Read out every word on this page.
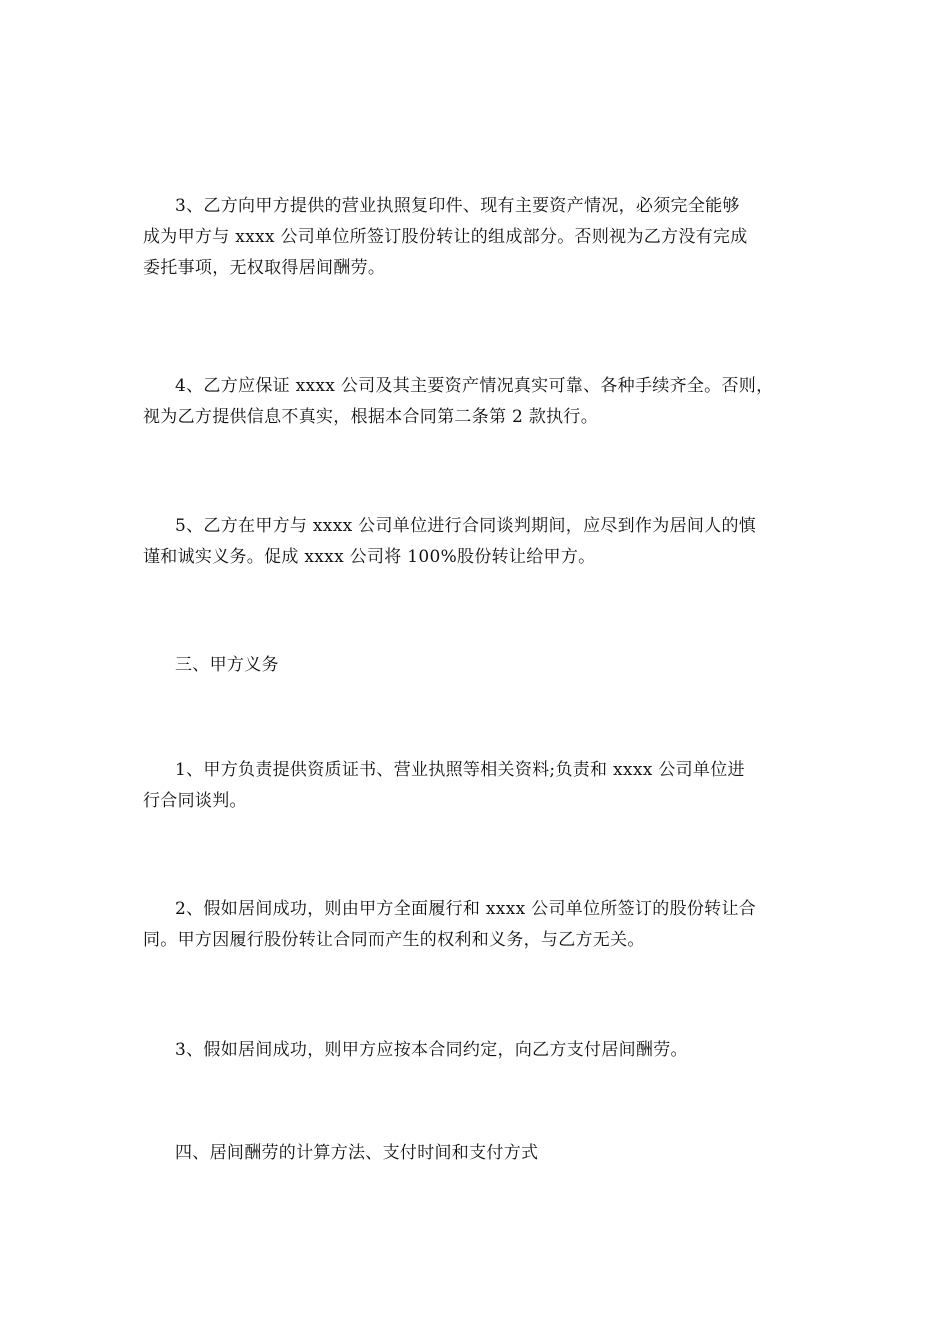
3、乙方向甲方提供的营业执照复印件、现有主要资产情况，必须完全能够
成为甲方与 xxxx 公司单位所签订股份转让的组成部分。否则视为乙方没有完成
委托事项，无权取得居间酬劳。

4、乙方应保证 xxxx 公司及其主要资产情况真实可靠、各种手续齐全。否则，
视为乙方提供信息不真实，根据本合同第二条第 2 款执行。

5、乙方在甲方与 xxxx 公司单位进行合同谈判期间，应尽到作为居间人的慎
谨和诚实义务。促成 xxxx 公司将 100%股份转让给甲方。

三、甲方义务

1、甲方负责提供资质证书、营业执照等相关资料;负责和 xxxx 公司单位进
行合同谈判。

2、假如居间成功，则由甲方全面履行和 xxxx 公司单位所签订的股份转让合
同。甲方因履行股份转让合同而产生的权利和义务，与乙方无关。

3、假如居间成功，则甲方应按本合同约定，向乙方支付居间酬劳。

四、居间酬劳的计算方法、支付时间和支付方式
